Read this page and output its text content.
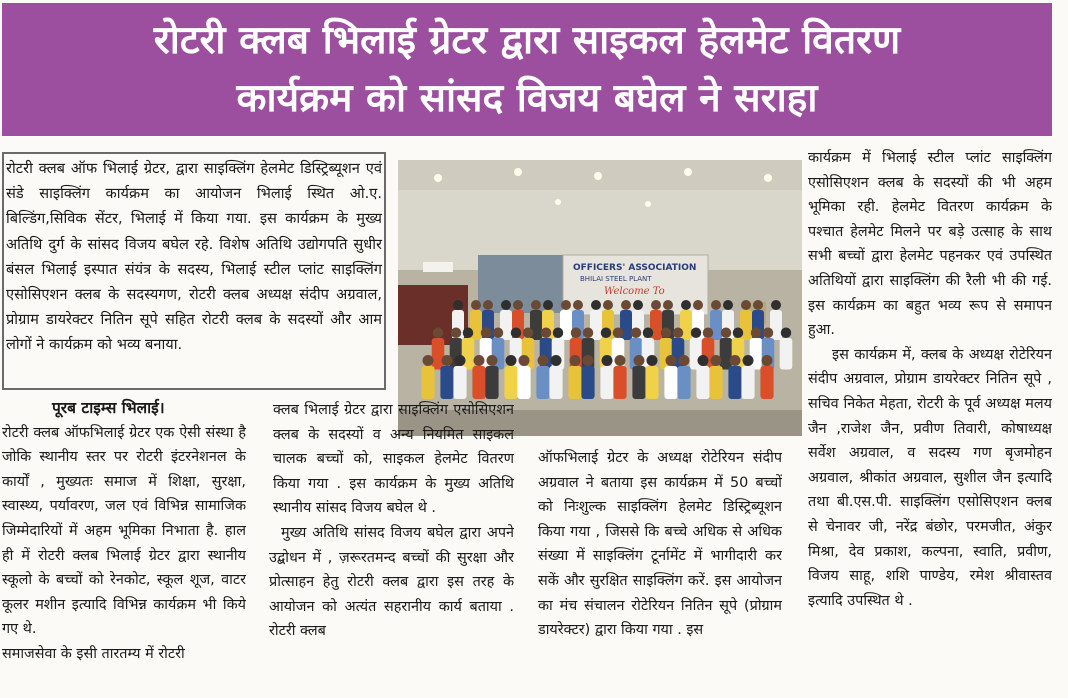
रोटरी क्लब भिलाई ग्रेटर द्वारा साइकल हेलमेट वितरण
कार्यक्रम को सांसद विजय बघेल ने सराहा

रोटरी क्लब ऑफ भिलाई ग्रेटर, द्वारा साइक्लिंग हेलमेट डिस्ट्रिब्यूशन एवं संडे साइक्लिंग कार्यक्रम का आयोजन भिलाई स्थित ओ.ए. बिल्डिंग,सिविक सेंटर, भिलाई में किया गया. इस कार्यक्रम के मुख्य अतिथि दुर्ग के सांसद विजय बघेल रहे. विशेष अतिथि उद्योगपति सुधीर बंसल भिलाई इस्पात संयंत्र के सदस्य, भिलाई स्टील प्लांट साइक्लिंग एसोसिएशन क्लब के सदस्यगण, रोटरी क्लब अध्यक्ष संदीप अग्रवाल, प्रोग्राम डायरेक्टर नितिन सूपे सहित रोटरी क्लब के सदस्यों और आम लोगों ने कार्यक्रम को भव्य बनाया.

OFFICERS' ASSOCIATION
BHILAI STEEL PLANT
Welcome To

पूरब टाइम्स भिलाई।

रोटरी क्लब ऑफभिलाई ग्रेटर एक ऐसी संस्था है जोकि स्थानीय स्तर पर रोटरी इंटरनेशनल के कार्यों , मुख्यतः समाज में शिक्षा, सुरक्षा, स्वास्थ्य, पर्यावरण, जल एवं विभिन्न सामाजिक जिम्मेदारियों में अहम भूमिका निभाता है. हाल ही में रोटरी क्लब भिलाई ग्रेटर द्वारा स्थानीय स्कूलो के बच्चों को रेनकोट, स्कूल शूज, वाटर कूलर मशीन इत्यादि विभिन्न कार्यक्रम भी किये गए थे.

समाजसेवा के इसी तारतम्य में रोटरी

क्लब भिलाई ग्रेटर द्वारा साइक्लिंग एसोसिएशन क्लब के सदस्यों व अन्य नियमित साइकल चालक बच्चों को, साइकल हेलमेट वितरण किया गया . इस कार्यक्रम के मुख्य अतिथि स्थानीय सांसद विजय बघेल थे .

मुख्य अतिथि सांसद विजय बघेल द्वारा अपने उद्बोधन में , ज़रूरतमन्द बच्चों की सुरक्षा और प्रोत्साहन हेतु रोटरी क्लब द्वारा इस तरह के आयोजन को अत्यंत सहरानीय कार्य बताया . रोटरी क्लब

ऑफभिलाई ग्रेटर के अध्यक्ष रोटेरियन संदीप अग्रवाल ने बताया इस कार्यक्रम में 50 बच्चों को निःशुल्क साइक्लिंग हेलमेट डिस्ट्रिब्यूशन किया गया , जिससे कि बच्चे अधिक से अधिक संख्या में साइक्लिंग टूर्नामेंट में भागीदारी कर सकें और सुरक्षित साइक्लिंग करें. इस आयोजन का मंच संचालन रोटेरियन नितिन सूपे (प्रोग्राम डायरेक्टर) द्वारा किया गया . इस

कार्यक्रम में भिलाई स्टील प्लांट साइक्लिंग एसोसिएशन क्लब के सदस्यों की भी अहम भूमिका रही. हेलमेट वितरण कार्यक्रम के पश्चात हेलमेट मिलने पर बड़े उत्साह के साथ सभी बच्चों द्वारा हेलमेट पहनकर एवं उपस्थित अतिथियों द्वारा साइक्लिंग की रैली भी की गई. इस कार्यक्रम का बहुत भव्य रूप से समापन हुआ.

इस कार्यक्रम में, क्लब के अध्यक्ष रोटेरियन संदीप अग्रवाल, प्रोग्राम डायरेक्टर नितिन सूपे , सचिव निकेत मेहता, रोटरी के पूर्व अध्यक्ष मलय जैन ,राजेश जैन, प्रवीण तिवारी, कोषाध्यक्ष सर्वेश अग्रवाल, व सदस्य गण बृजमोहन अग्रवाल, श्रीकांत अग्रवाल, सुशील जैन इत्यादि तथा बी.एस.पी. साइक्लिंग एसोसिएशन क्लब से चेनावर जी, नरेंद्र बंछोर, परमजीत, अंकुर मिश्रा, देव प्रकाश, कल्पना, स्वाति, प्रवीण, विजय साहू, शशि पाण्डेय, रमेश श्रीवास्तव इत्यादि उपस्थित थे .
